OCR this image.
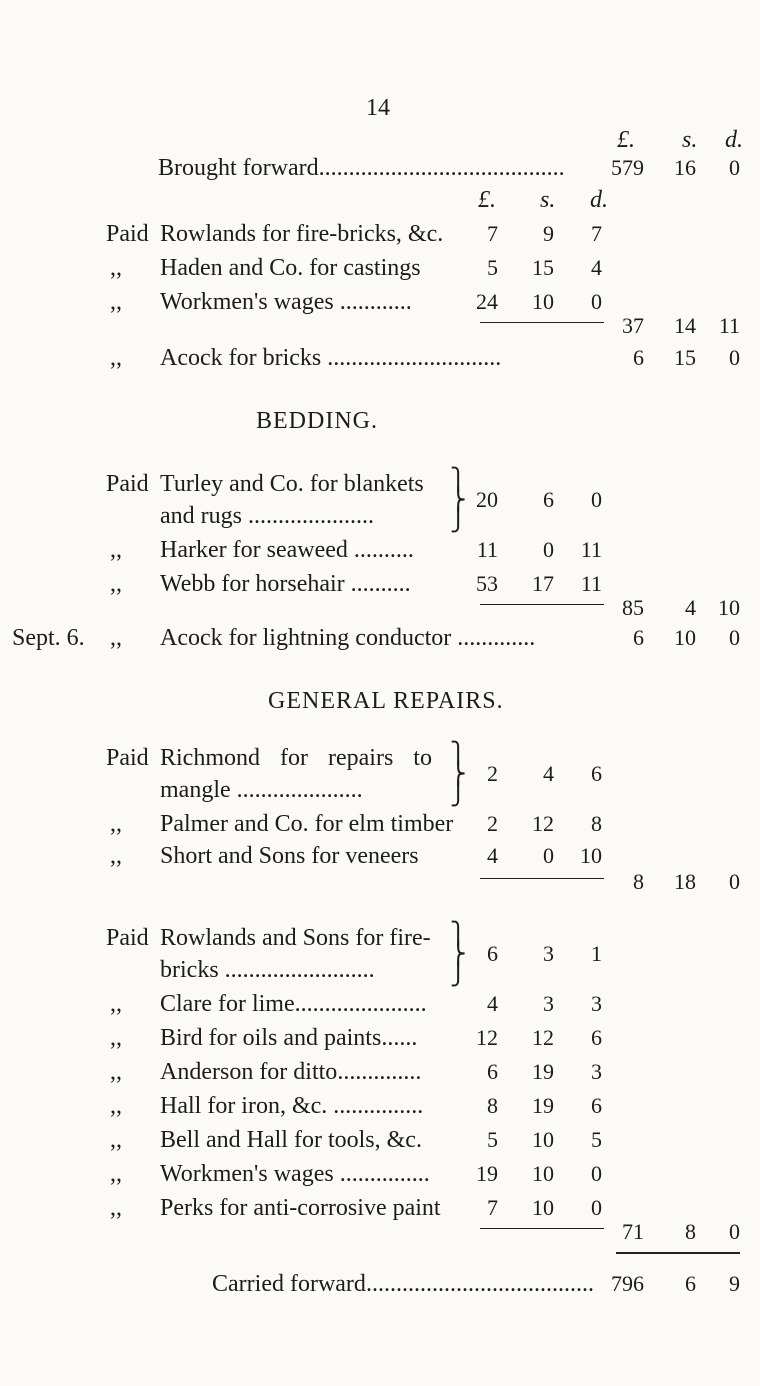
14
£. s. d.
Brought forward......................................... 579	16	0
£. s. d.
Paid Rowlands for fire-bricks, &c.	7	9	7
,, Haden and Co. for castings	5	15	4
,, Workmen's wages ............	24	10	0
37	14	11
,, Acock for bricks .............................	6	15	0
BEDDING.
Paid Turley and Co. for blankets
and rugs .....................
⎫
⎬
⎭
20	6	0
,, Harker for seaweed ..........	11	0	11
,, Webb for horsehair ..........	53	17	11
85	4	10
Sept. 6. ,, Acock for lightning conductor .............	6	10	0
GENERAL REPAIRS.
Paid Richmond for repairs to
mangle .....................
⎫
⎬
⎭
2	4	6
,, Palmer and Co. for elm timber	2	12	8
,, Short and Sons for veneers	4	0	10
8	18	0
Paid Rowlands and Sons for fire-
bricks .........................
⎫
⎬
⎭
6	3	1
,, Clare for lime......................	4	3	3
,, Bird for oils and paints......	12	12	6
,, Anderson for ditto..............	6	19	3
,, Hall for iron, &c. ...............	8	19	6
,, Bell and Hall for tools, &c.	5	10	5
,, Workmen's wages ...............	19	10	0
,, Perks for anti-corrosive paint	7	10	0
71	8	0
Carried forward...................................... 796	6	9
